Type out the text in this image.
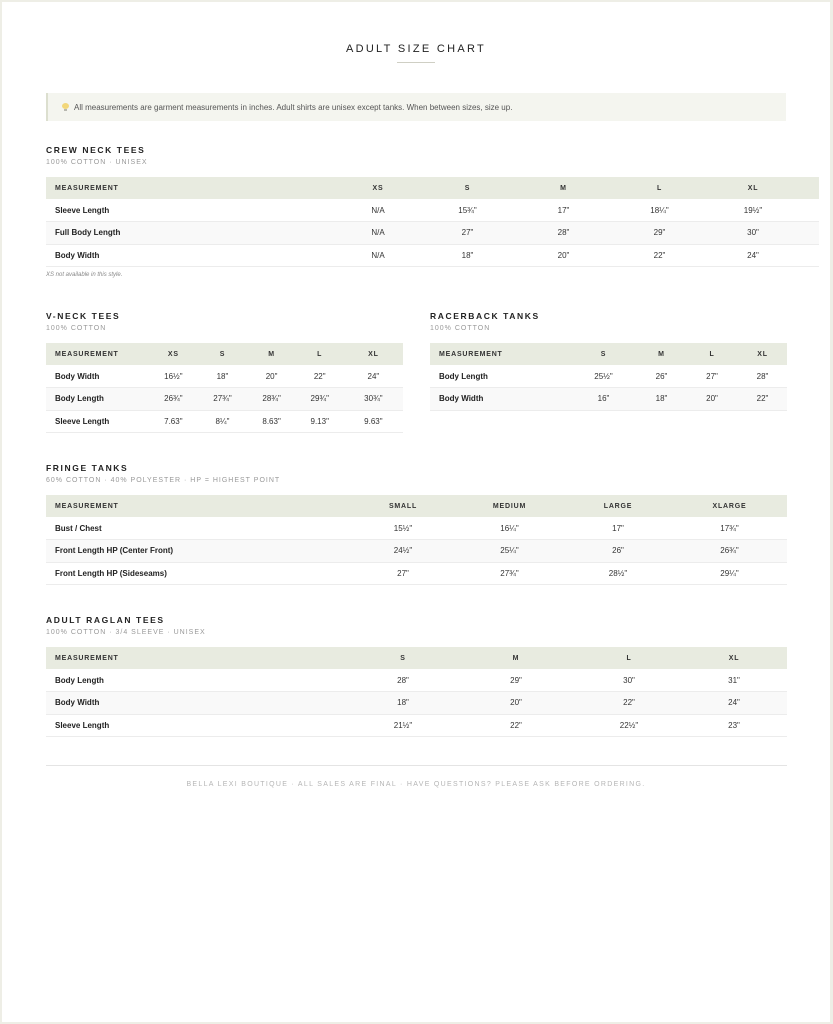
ADULT SIZE CHART
All measurements are garment measurements in inches. Adult shirts are unisex except tanks. When between sizes, size up.
CREW NECK TEES
100% COTTON · UNISEX
MEASUREMENT	XS	S	M	L	XL
Sleeve Length	N/A	15¾"	17"	18¼"	19½"
Full Body Length	N/A	27"	28"	29"	30"
Body Width	N/A	18"	20"	22"	24"
XS not available in this style.
V-NECK TEES
100% COTTON
MEASUREMENT	XS	S	M	L	XL
Body Width	16½"	18"	20"	22"	24"
Body Length	26¾"	27¾"	28¾"	29¾"	30¾"
Sleeve Length	7.63"	8¼"	8.63"	9.13"	9.63"
RACERBACK TANKS
100% COTTON
MEASUREMENT	S	M	L	XL
Body Length	25½"	26"	27"	28"
Body Width	16"	18"	20"	22"
FRINGE TANKS
60% COTTON · 40% POLYESTER · HP = HIGHEST POINT
MEASUREMENT	SMALL	MEDIUM	LARGE	XLARGE
Bust / Chest	15½"	16¼"	17"	17¾"
Front Length HP (Center Front)	24½"	25¼"	26"	26¾"
Front Length HP (Sideseams)	27"	27¾"	28½"	29¼"
ADULT RAGLAN TEES
100% COTTON · 3/4 SLEEVE · UNISEX
MEASUREMENT	S	M	L	XL
Body Length	28"	29"	30"	31"
Body Width	18"	20"	22"	24"
Sleeve Length	21½"	22"	22½"	23"
BELLA LEXI BOUTIQUE · ALL SALES ARE FINAL · HAVE QUESTIONS? PLEASE ASK BEFORE ORDERING.
